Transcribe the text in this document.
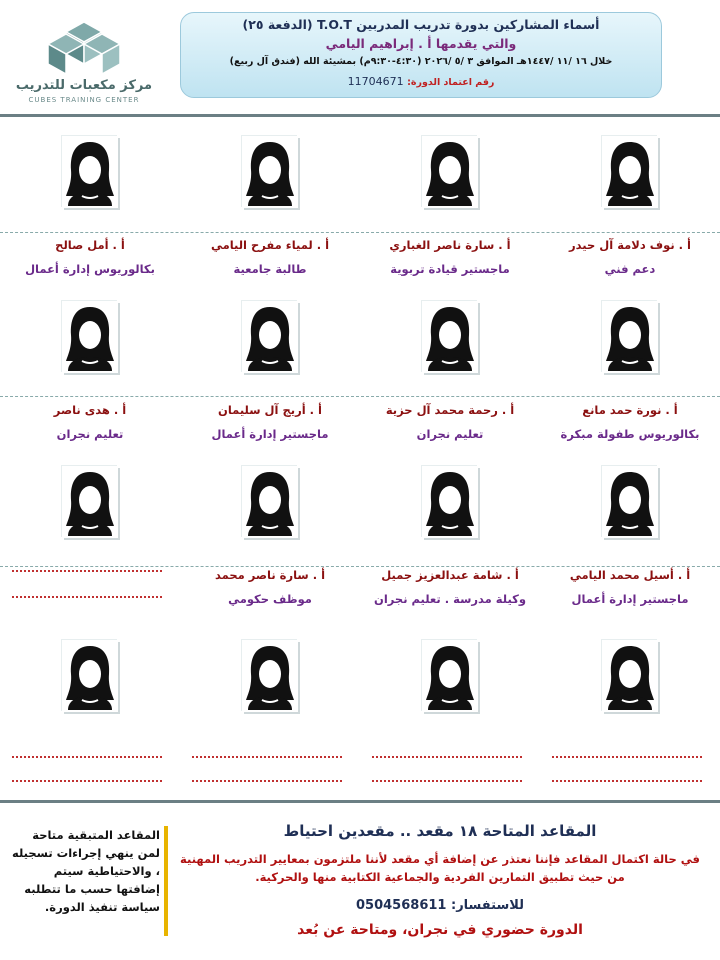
مركز مكعبات للتدريب
CUBES TRAINING CENTER
أسماء المشاركين بدورة تدريب المدربين T.O.T (الدفعة ٢٥)
والتي يقدمها أ . إبراهيم اليامي
خلال ١٦ /١١ /١٤٤٧هـ الموافق ٣ /٥ /٢٠٢٦ (٤:٣٠-٩:٣٠م) بمشيئة الله (فندق آل ربيع)
رقم اعتماد الدورة: 11704671
أ . نوف دلامة آل حيدر
دعم فني
أ . سارة ناصر الغباري
ماجستير قيادة تربوية
أ . لمياء مفرح اليامي
طالبة جامعية
أ . أمل صالح
بكالوريوس إدارة أعمال
أ . نورة حمد مانع
بكالوريوس طفولة مبكرة
أ . رحمة محمد آل حزية
تعليم نجران
أ . أريج آل سليمان
ماجستير إدارة أعمال
أ . هدى ناصر
تعليم نجران
أ . أسيل محمد اليامي
ماجستير إدارة أعمال
أ . شامة عبدالعزيز جميل
وكيلة مدرسة . تعليم نجران
أ . سارة ناصر محمد
موظف حكومي
المقاعد المتبقية متاحة لمن ينهي إجراءات تسجيله ، والاحتياطية سيتم إضافتها حسب ما تتطلبه سياسة تنفيذ الدورة.
المقاعد المتاحة ١٨ مقعد .. مقعدين احتياط
في حالة اكتمال المقاعد فإننا نعتذر عن إضافة أي مقعد لأننا ملتزمون بمعايير التدريب المهنية
من حيث تطبيق التمارين الفردية والجماعية الكتابية منها والحركية.
للاستفسار: 0504568611
الدورة حضوري في نجران، ومتاحة عن بُعد
